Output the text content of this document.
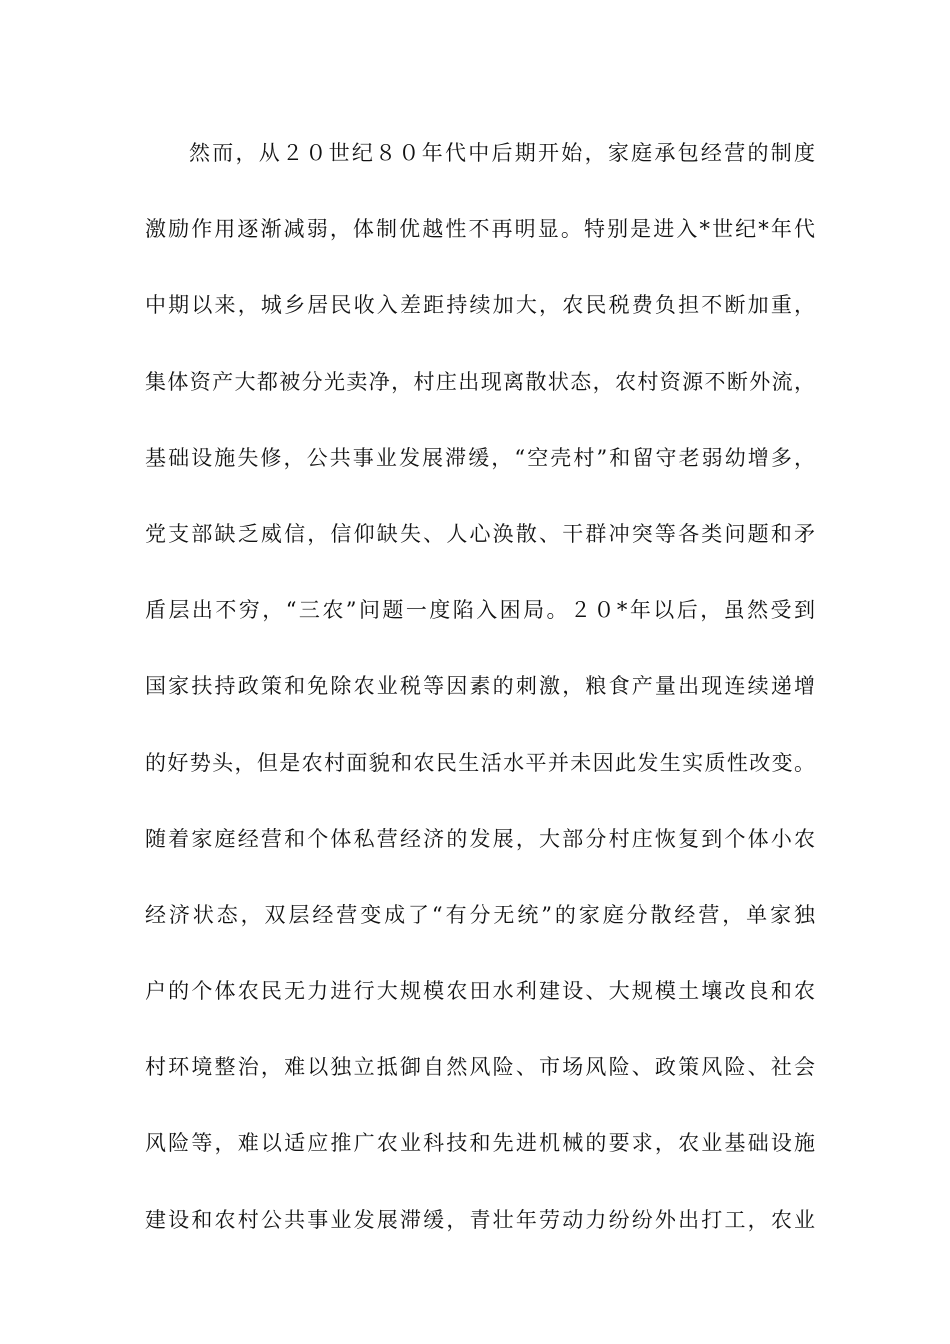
然而，从２０世纪８０年代中后期开始，家庭承包经营的制度
激励作用逐渐减弱，体制优越性不再明显。特别是进入*世纪*年代
中期以来，城乡居民收入差距持续加大，农民税费负担不断加重，
集体资产大都被分光卖净，村庄出现离散状态，农村资源不断外流，
基础设施失修，公共事业发展滞缓，“空壳村”和留守老弱幼增多，
党支部缺乏威信，信仰缺失、人心涣散、干群冲突等各类问题和矛
盾层出不穷，“三农”问题一度陷入困局。２０*年以后，虽然受到
国家扶持政策和免除农业税等因素的刺激，粮食产量出现连续递增
的好势头，但是农村面貌和农民生活水平并未因此发生实质性改变。
随着家庭经营和个体私营经济的发展，大部分村庄恢复到个体小农
经济状态，双层经营变成了“有分无统”的家庭分散经营，单家独
户的个体农民无力进行大规模农田水利建设、大规模土壤改良和农
村环境整治，难以独立抵御自然风险、市场风险、政策风险、社会
风险等，难以适应推广农业科技和先进机械的要求，农业基础设施
建设和农村公共事业发展滞缓，青壮年劳动力纷纷外出打工，农业
